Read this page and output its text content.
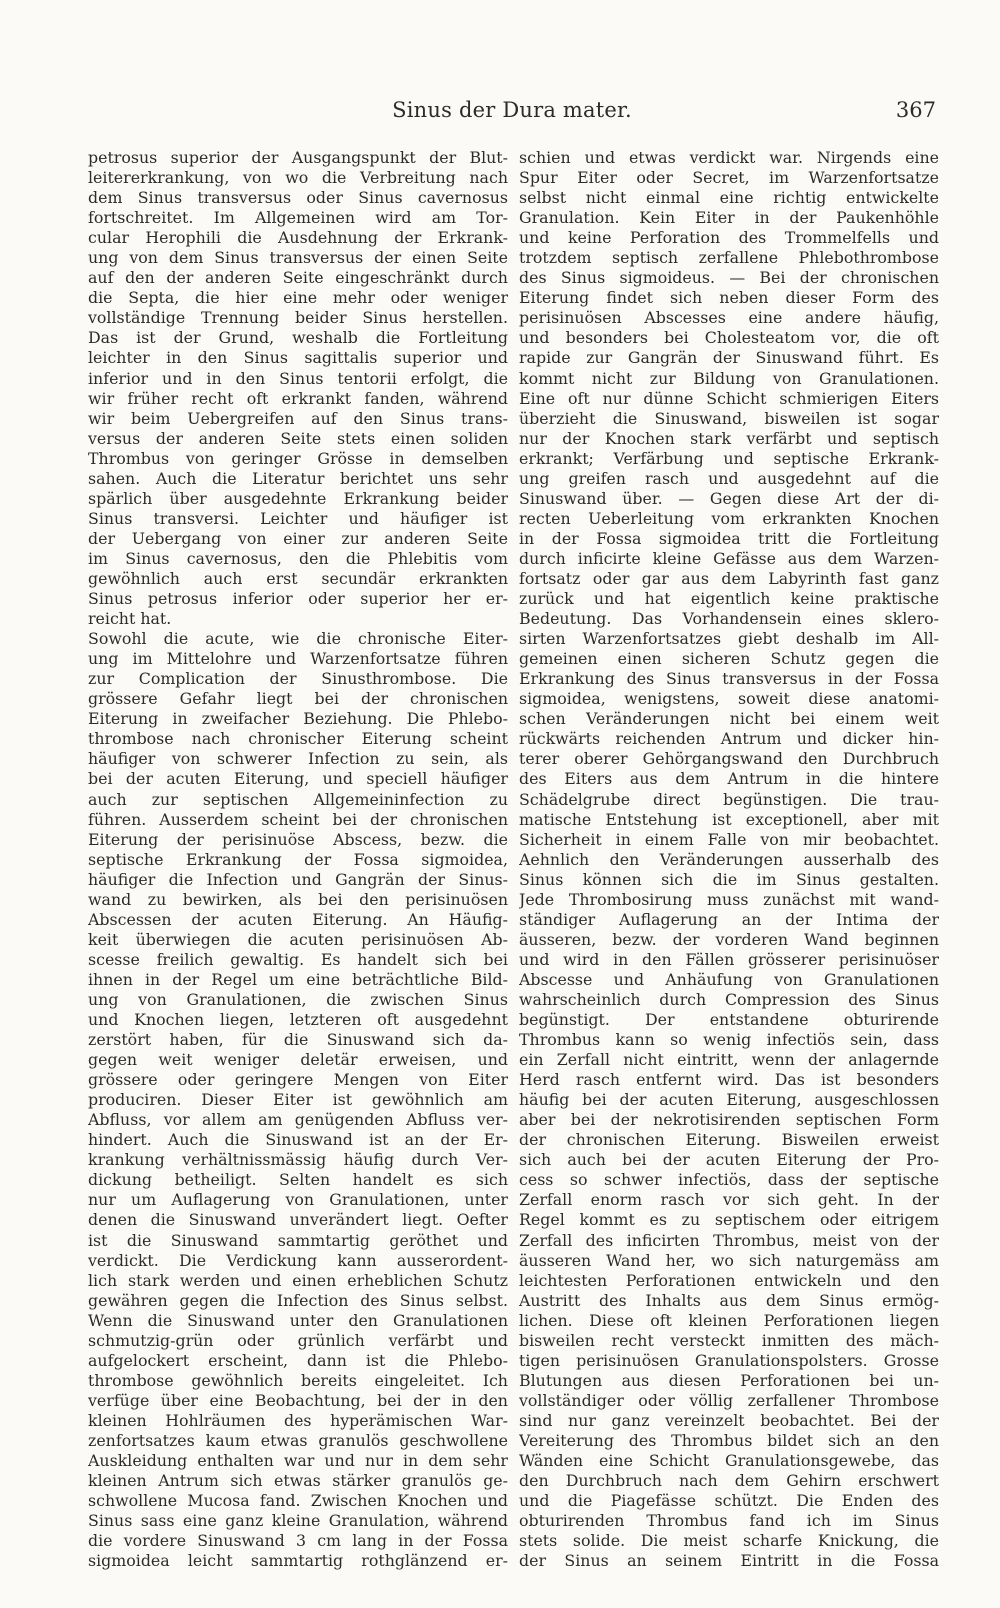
Sinus der Dura mater.	367
petrosus superior der Ausgangspunkt der Blut-
leitererkrankung, von wo die Verbreitung nach
dem Sinus transversus oder Sinus cavernosus
fortschreitet. Im Allgemeinen wird am Tor-
cular Herophili die Ausdehnung der Erkrank-
ung von dem Sinus transversus der einen Seite
auf den der anderen Seite eingeschränkt durch
die Septa, die hier eine mehr oder weniger
vollständige Trennung beider Sinus herstellen.
Das ist der Grund, weshalb die Fortleitung
leichter in den Sinus sagittalis superior und
inferior und in den Sinus tentorii erfolgt, die
wir früher recht oft erkrankt fanden, während
wir beim Uebergreifen auf den Sinus trans-
versus der anderen Seite stets einen soliden
Thrombus von geringer Grösse in demselben
sahen. Auch die Literatur berichtet uns sehr
spärlich über ausgedehnte Erkrankung beider
Sinus transversi. Leichter und häufiger ist
der Uebergang von einer zur anderen Seite
im Sinus cavernosus, den die Phlebitis vom
gewöhnlich auch erst secundär erkrankten
Sinus petrosus inferior oder superior her er-
reicht hat.
Sowohl die acute, wie die chronische Eiter-
ung im Mittelohre und Warzenfortsatze führen
zur Complication der Sinusthrombose. Die
grössere Gefahr liegt bei der chronischen
Eiterung in zweifacher Beziehung. Die Phlebo-
thrombose nach chronischer Eiterung scheint
häufiger von schwerer Infection zu sein, als
bei der acuten Eiterung, und speciell häufiger
auch zur septischen Allgemeininfection zu
führen. Ausserdem scheint bei der chronischen
Eiterung der perisinuöse Abscess, bezw. die
septische Erkrankung der Fossa sigmoidea,
häufiger die Infection und Gangrän der Sinus-
wand zu bewirken, als bei den perisinuösen
Abscessen der acuten Eiterung. An Häufig-
keit überwiegen die acuten perisinuösen Ab-
scesse freilich gewaltig. Es handelt sich bei
ihnen in der Regel um eine beträchtliche Bild-
ung von Granulationen, die zwischen Sinus
und Knochen liegen, letzteren oft ausgedehnt
zerstört haben, für die Sinuswand sich da-
gegen weit weniger deletär erweisen, und
grössere oder geringere Mengen von Eiter
produciren. Dieser Eiter ist gewöhnlich am
Abfluss, vor allem am genügenden Abfluss ver-
hindert. Auch die Sinuswand ist an der Er-
krankung verhältnissmässig häufig durch Ver-
dickung betheiligt. Selten handelt es sich
nur um Auflagerung von Granulationen, unter
denen die Sinuswand unverändert liegt. Oefter
ist die Sinuswand sammtartig geröthet und
verdickt. Die Verdickung kann ausserordent-
lich stark werden und einen erheblichen Schutz
gewähren gegen die Infection des Sinus selbst.
Wenn die Sinuswand unter den Granulationen
schmutzig-grün oder grünlich verfärbt und
aufgelockert erscheint, dann ist die Phlebo-
thrombose gewöhnlich bereits eingeleitet. Ich
verfüge über eine Beobachtung, bei der in den
kleinen Hohlräumen des hyperämischen War-
zenfortsatzes kaum etwas granulös geschwollene
Auskleidung enthalten war und nur in dem sehr
kleinen Antrum sich etwas stärker granulös ge-
schwollene Mucosa fand. Zwischen Knochen und
Sinus sass eine ganz kleine Granulation, während
die vordere Sinuswand 3 cm lang in der Fossa
sigmoidea leicht sammtartig rothglänzend er-
schien und etwas verdickt war. Nirgends eine
Spur Eiter oder Secret, im Warzenfortsatze
selbst nicht einmal eine richtig entwickelte
Granulation. Kein Eiter in der Paukenhöhle
und keine Perforation des Trommelfells und
trotzdem septisch zerfallene Phlebothrombose
des Sinus sigmoideus. — Bei der chronischen
Eiterung findet sich neben dieser Form des
perisinuösen Abscesses eine andere häufig,
und besonders bei Cholesteatom vor, die oft
rapide zur Gangrän der Sinuswand führt. Es
kommt nicht zur Bildung von Granulationen.
Eine oft nur dünne Schicht schmierigen Eiters
überzieht die Sinuswand, bisweilen ist sogar
nur der Knochen stark verfärbt und septisch
erkrankt; Verfärbung und septische Erkrank-
ung greifen rasch und ausgedehnt auf die
Sinuswand über. — Gegen diese Art der di-
recten Ueberleitung vom erkrankten Knochen
in der Fossa sigmoidea tritt die Fortleitung
durch inficirte kleine Gefässe aus dem Warzen-
fortsatz oder gar aus dem Labyrinth fast ganz
zurück und hat eigentlich keine praktische
Bedeutung. Das Vorhandensein eines sklero-
sirten Warzenfortsatzes giebt deshalb im All-
gemeinen einen sicheren Schutz gegen die
Erkrankung des Sinus transversus in der Fossa
sigmoidea, wenigstens, soweit diese anatomi-
schen Veränderungen nicht bei einem weit
rückwärts reichenden Antrum und dicker hin-
terer oberer Gehörgangswand den Durchbruch
des Eiters aus dem Antrum in die hintere
Schädelgrube direct begünstigen. Die trau-
matische Entstehung ist exceptionell, aber mit
Sicherheit in einem Falle von mir beobachtet.
Aehnlich den Veränderungen ausserhalb des
Sinus können sich die im Sinus gestalten.
Jede Thrombosirung muss zunächst mit wand-
ständiger Auflagerung an der Intima der
äusseren, bezw. der vorderen Wand beginnen
und wird in den Fällen grösserer perisinuöser
Abscesse und Anhäufung von Granulationen
wahrscheinlich durch Compression des Sinus
begünstigt. Der entstandene obturirende
Thrombus kann so wenig infectiös sein, dass
ein Zerfall nicht eintritt, wenn der anlagernde
Herd rasch entfernt wird. Das ist besonders
häufig bei der acuten Eiterung, ausgeschlossen
aber bei der nekrotisirenden septischen Form
der chronischen Eiterung. Bisweilen erweist
sich auch bei der acuten Eiterung der Pro-
cess so schwer infectiös, dass der septische
Zerfall enorm rasch vor sich geht. In der
Regel kommt es zu septischem oder eitrigem
Zerfall des inficirten Thrombus, meist von der
äusseren Wand her, wo sich naturgemäss am
leichtesten Perforationen entwickeln und den
Austritt des Inhalts aus dem Sinus ermög-
lichen. Diese oft kleinen Perforationen liegen
bisweilen recht versteckt inmitten des mäch-
tigen perisinuösen Granulationspolsters. Grosse
Blutungen aus diesen Perforationen bei un-
vollständiger oder völlig zerfallener Thrombose
sind nur ganz vereinzelt beobachtet. Bei der
Vereiterung des Thrombus bildet sich an den
Wänden eine Schicht Granulationsgewebe, das
den Durchbruch nach dem Gehirn erschwert
und die Piagefässe schützt. Die Enden des
obturirenden Thrombus fand ich im Sinus
stets solide. Die meist scharfe Knickung, die
der Sinus an seinem Eintritt in die Fossa
